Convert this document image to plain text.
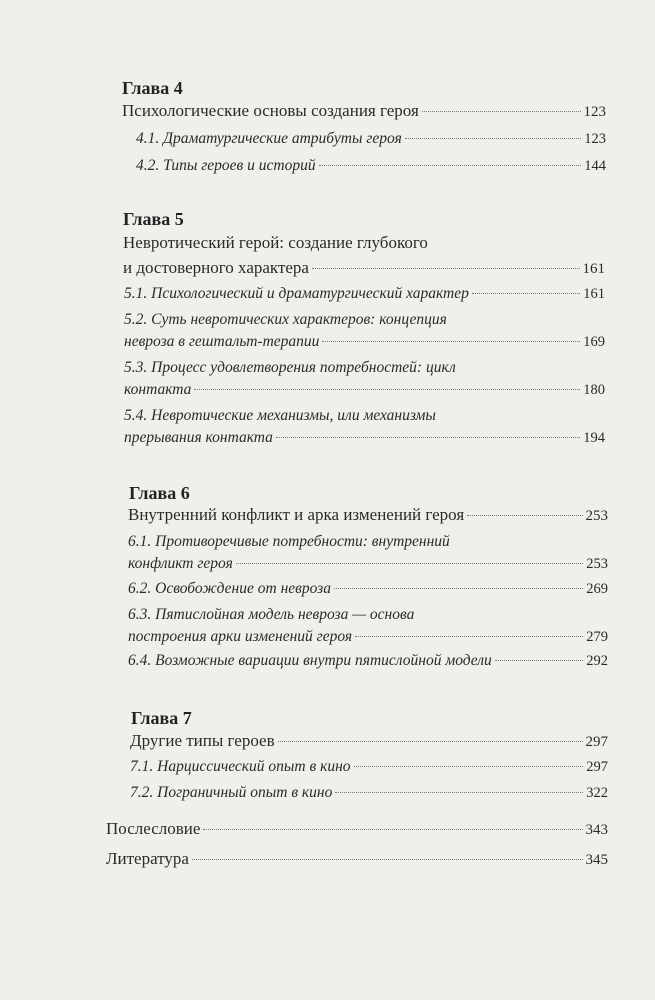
Глава 4
Психологические основы создания героя	123
4.1. Драматургические атрибуты героя	123
4.2. Типы героев и историй	144
Глава 5
Невротический герой: создание глубокого
и достоверного характера	161
5.1. Психологический и драматургический характер	161
5.2. Суть невротических характеров: концепция
невроза в гештальт-терапии	169
5.3. Процесс удовлетворения потребностей: цикл
контакта	180
5.4. Невротические механизмы, или механизмы
прерывания контакта	194
Глава 6
Внутренний конфликт и арка изменений героя	253
6.1. Противоречивые потребности: внутренний
конфликт героя	253
6.2. Освобождение от невроза	269
6.3. Пятислойная модель невроза — основа
построения арки изменений героя	279
6.4. Возможные вариации внутри пятислойной модели	292
Глава 7
Другие типы героев	297
7.1. Нарциссический опыт в кино	297
7.2. Пограничный опыт в кино	322
Послесловие	343
Литература	345
